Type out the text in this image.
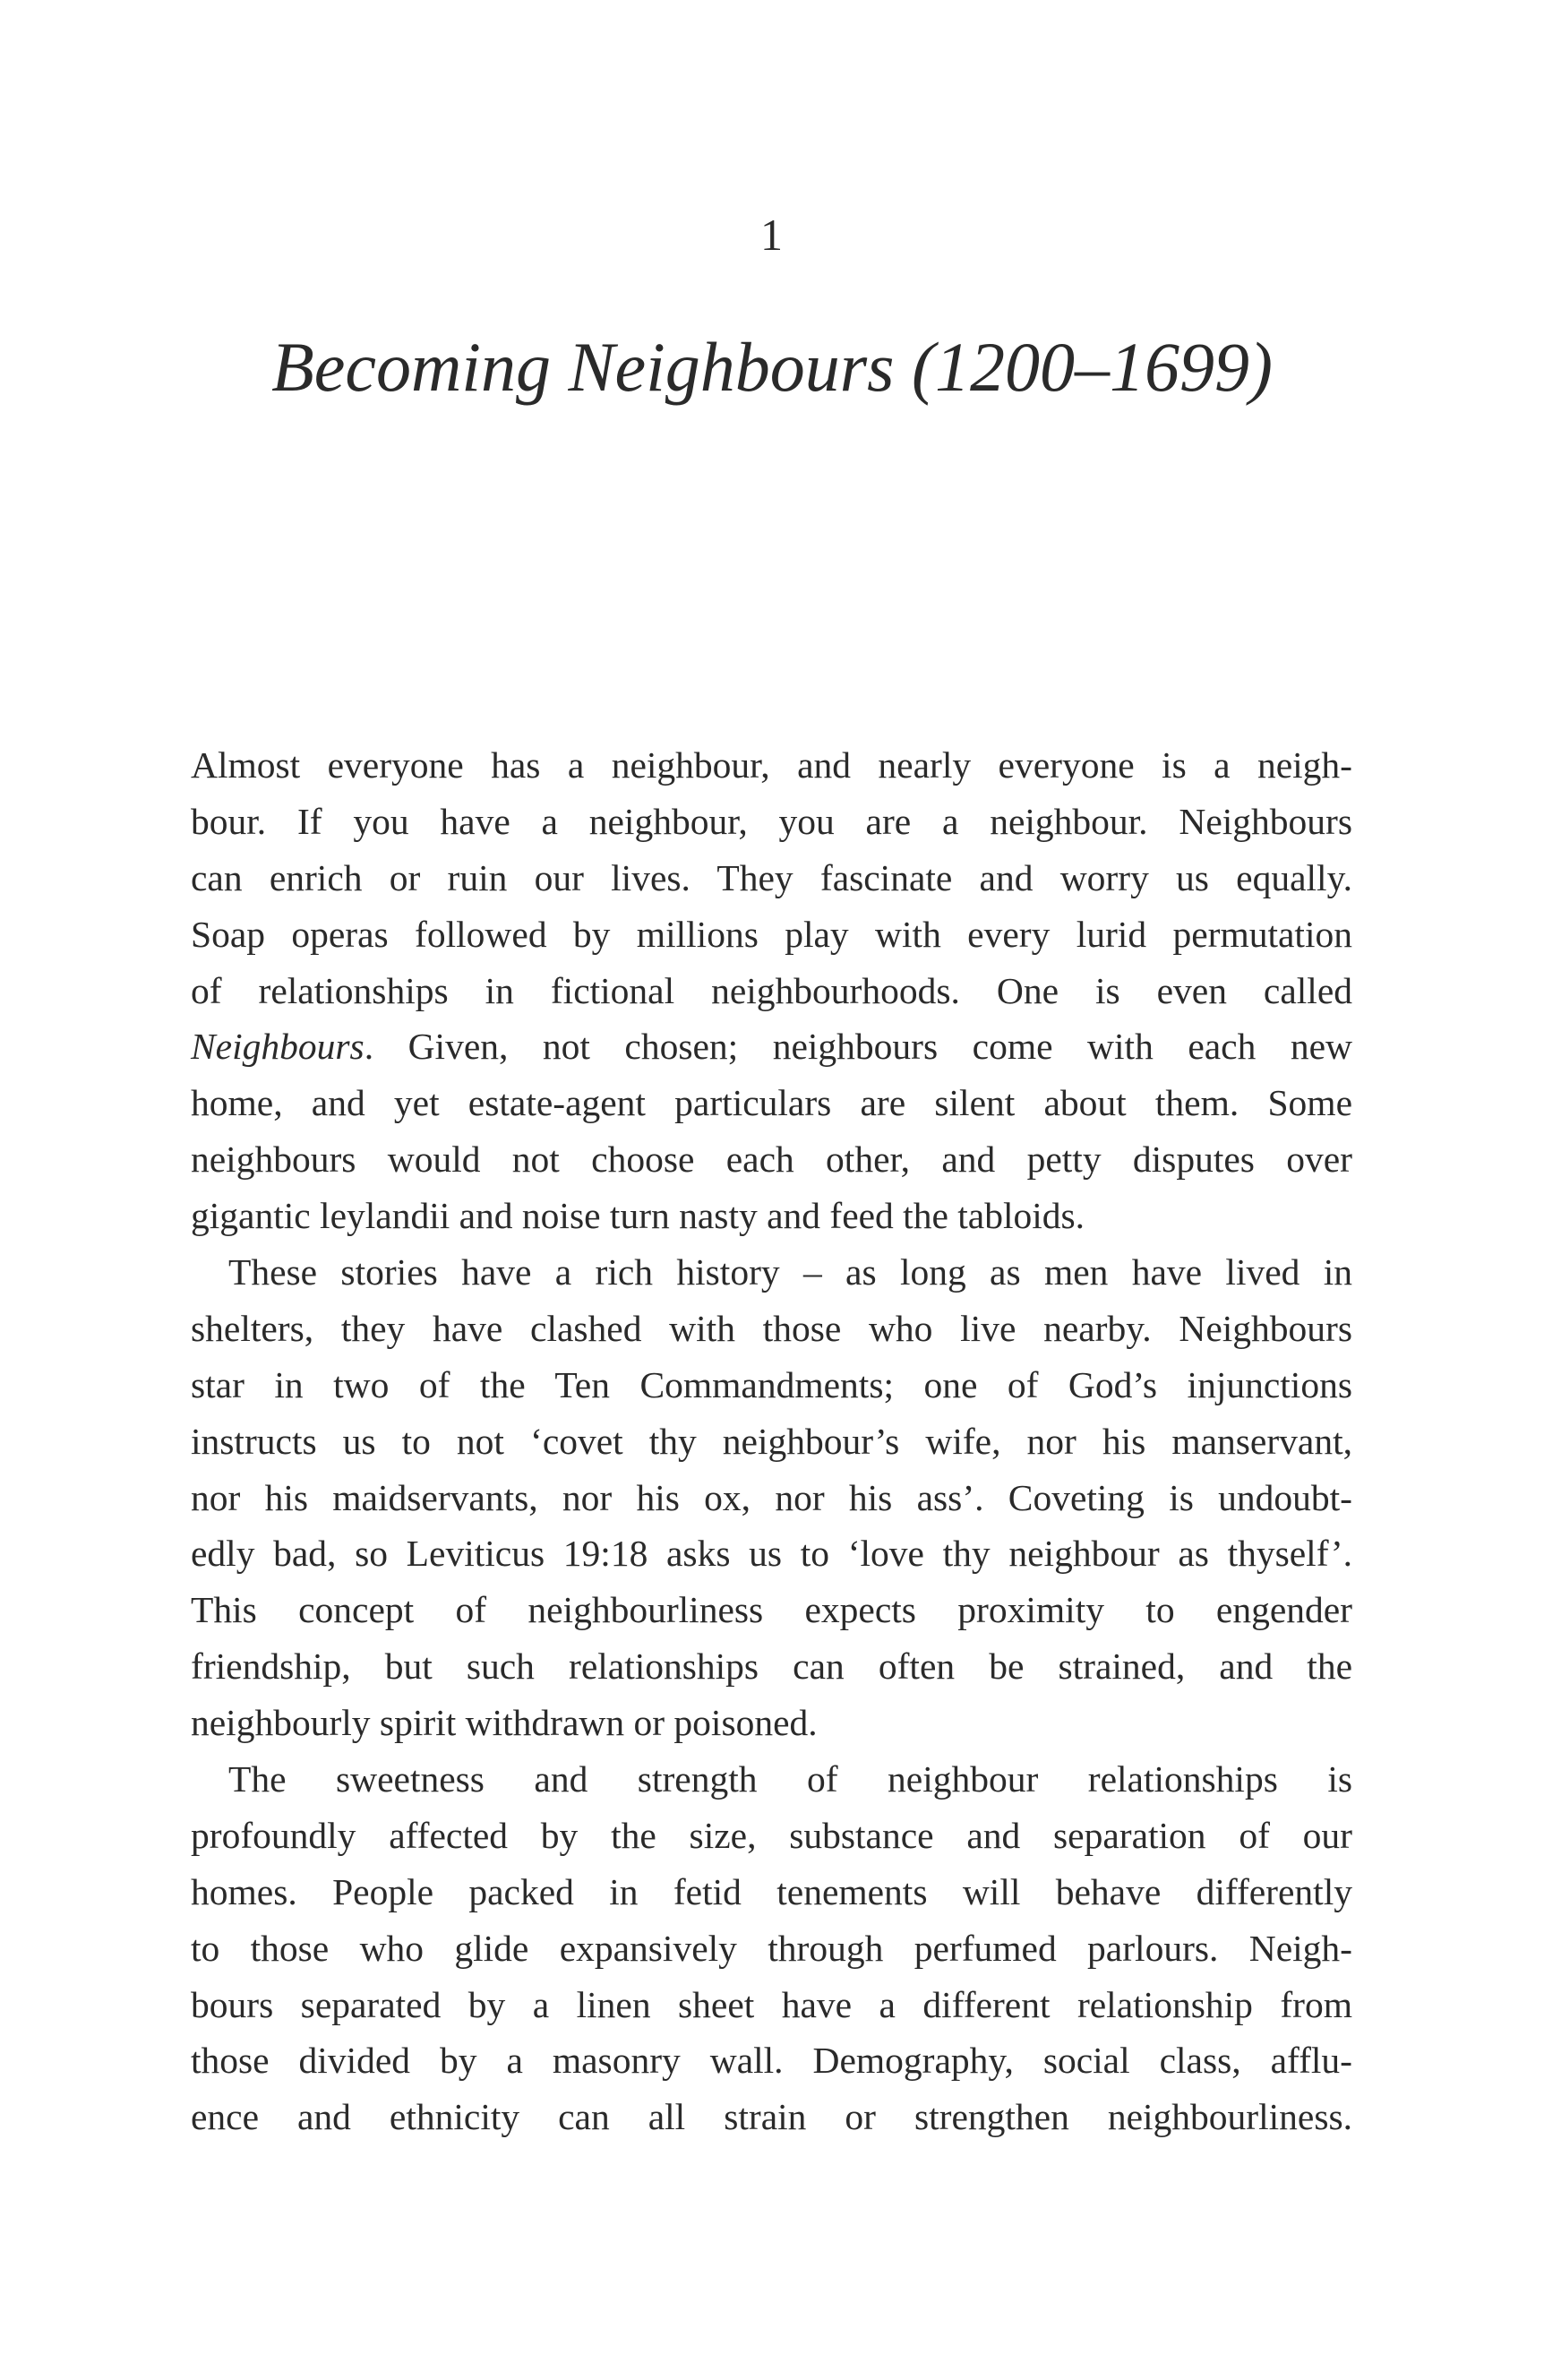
1
Becoming Neighbours (1200–1699)

Almost everyone has a neighbour, and nearly everyone is a neigh-
bour. If you have a neighbour, you are a neighbour. Neighbours
can enrich or ruin our lives. They fascinate and worry us equally.
Soap operas followed by millions play with every lurid permutation
of relationships in fictional neighbourhoods. One is even called
Neighbours. Given, not chosen; neighbours come with each new
home, and yet estate-agent particulars are silent about them. Some
neighbours would not choose each other, and petty disputes over
gigantic leylandii and noise turn nasty and feed the tabloids.

These stories have a rich history – as long as men have lived in
shelters, they have clashed with those who live nearby. Neighbours
star in two of the Ten Commandments; one of God’s injunctions
instructs us to not ‘covet thy neighbour’s wife, nor his manservant,
nor his maidservants, nor his ox, nor his ass’. Coveting is undoubt-
edly bad, so Leviticus 19:18 asks us to ‘love thy neighbour as thyself’.
This concept of neighbourliness expects proximity to engender
friendship, but such relationships can often be strained, and the
neighbourly spirit withdrawn or poisoned.

The sweetness and strength of neighbour relationships is
profoundly affected by the size, substance and separation of our
homes. People packed in fetid tenements will behave differently
to those who glide expansively through perfumed parlours. Neigh-
bours separated by a linen sheet have a different relationship from
those divided by a masonry wall. Demography, social class, afflu-
ence and ethnicity can all strain or strengthen neighbourliness.
